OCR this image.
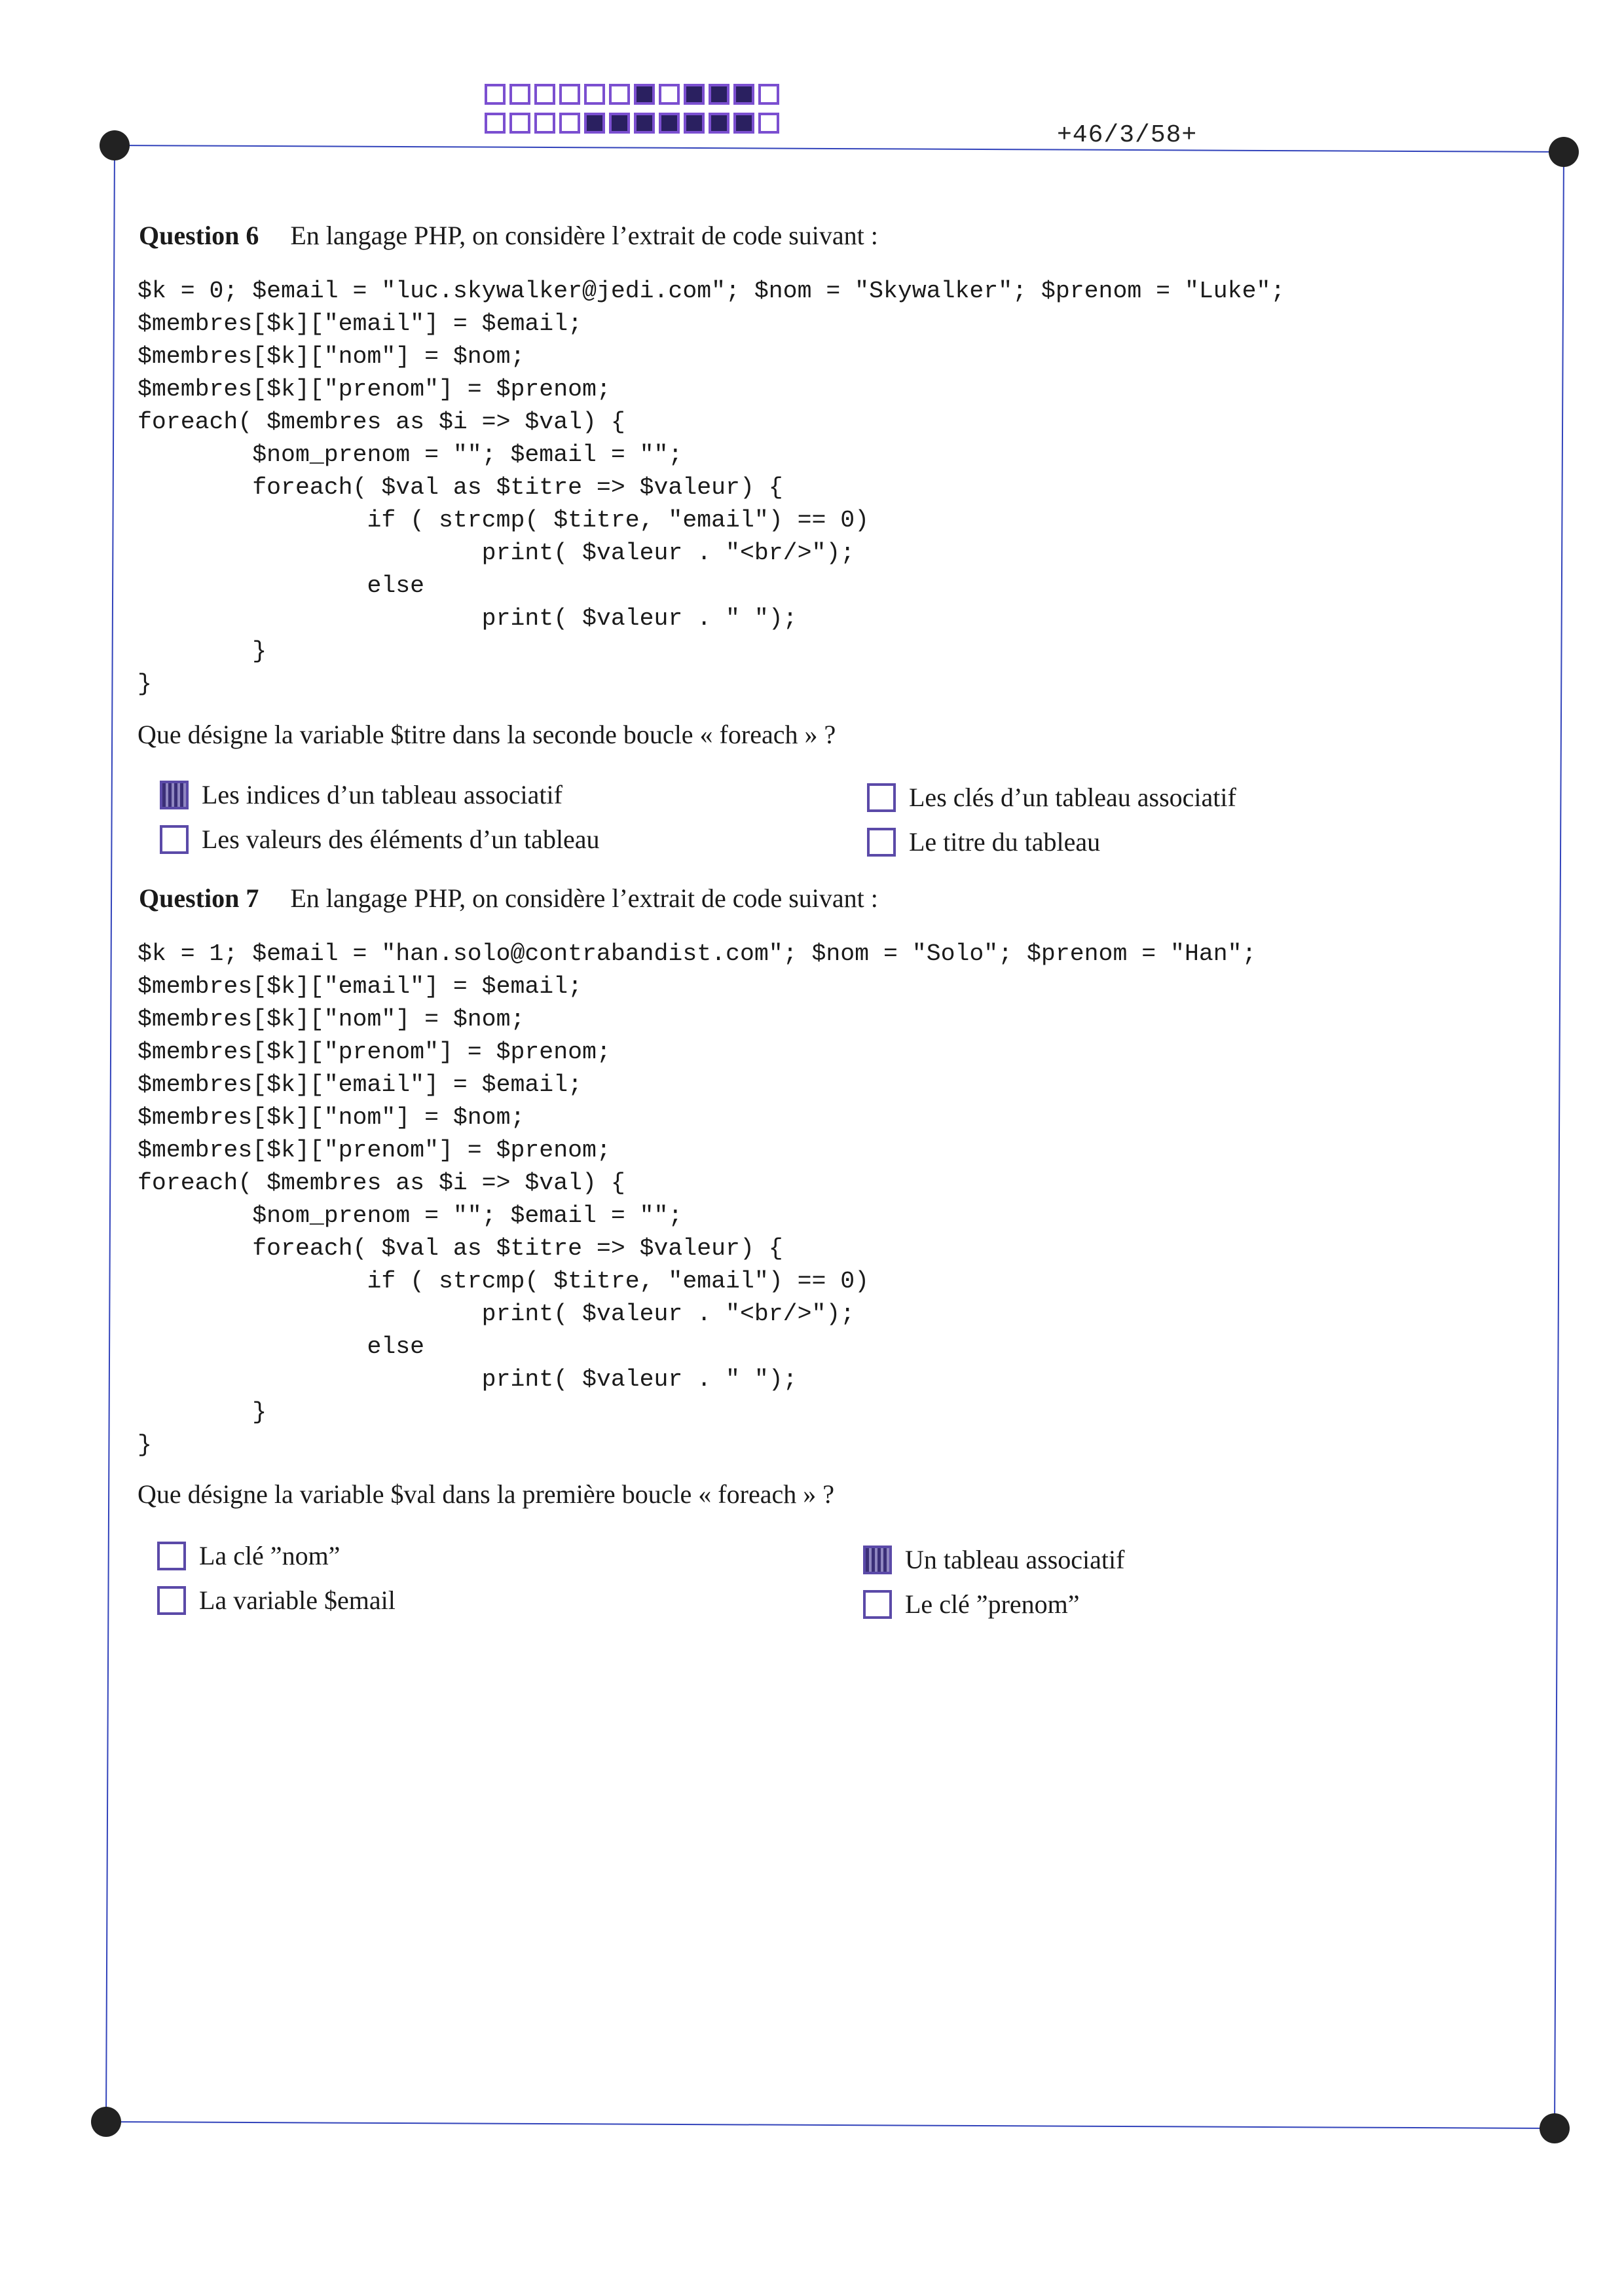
+46/3/58+
Question 6 En langage PHP, on considère l’extrait de code suivant :
$k = 0; $email = "luc.skywalker@jedi.com"; $nom = "Skywalker"; $prenom = "Luke";
$membres[$k]["email"] = $email;
$membres[$k]["nom"] = $nom;
$membres[$k]["prenom"] = $prenom;
foreach( $membres as $i => $val) {
$nom_prenom = ""; $email = "";
foreach( $val as $titre => $valeur) {
if ( strcmp( $titre, "email") == 0)
print( $valeur . "<br/>");
else
print( $valeur . " ");
}
}
Que désigne la variable $titre dans la seconde boucle « foreach » ?
Les indices d’un tableau associatif	Les clés d’un tableau associatif
Les valeurs des éléments d’un tableau	Le titre du tableau
Question 7 En langage PHP, on considère l’extrait de code suivant :
$k = 1; $email = "han.solo@contrabandist.com"; $nom = "Solo"; $prenom = "Han";
$membres[$k]["email"] = $email;
$membres[$k]["nom"] = $nom;
$membres[$k]["prenom"] = $prenom;
$membres[$k]["email"] = $email;
$membres[$k]["nom"] = $nom;
$membres[$k]["prenom"] = $prenom;
foreach( $membres as $i => $val) {
$nom_prenom = ""; $email = "";
foreach( $val as $titre => $valeur) {
if ( strcmp( $titre, "email") == 0)
print( $valeur . "<br/>");
else
print( $valeur . " ");
}
}
Que désigne la variable $val dans la première boucle « foreach » ?
La clé ”nom”	Un tableau associatif
La variable $email	Le clé ”prenom”
